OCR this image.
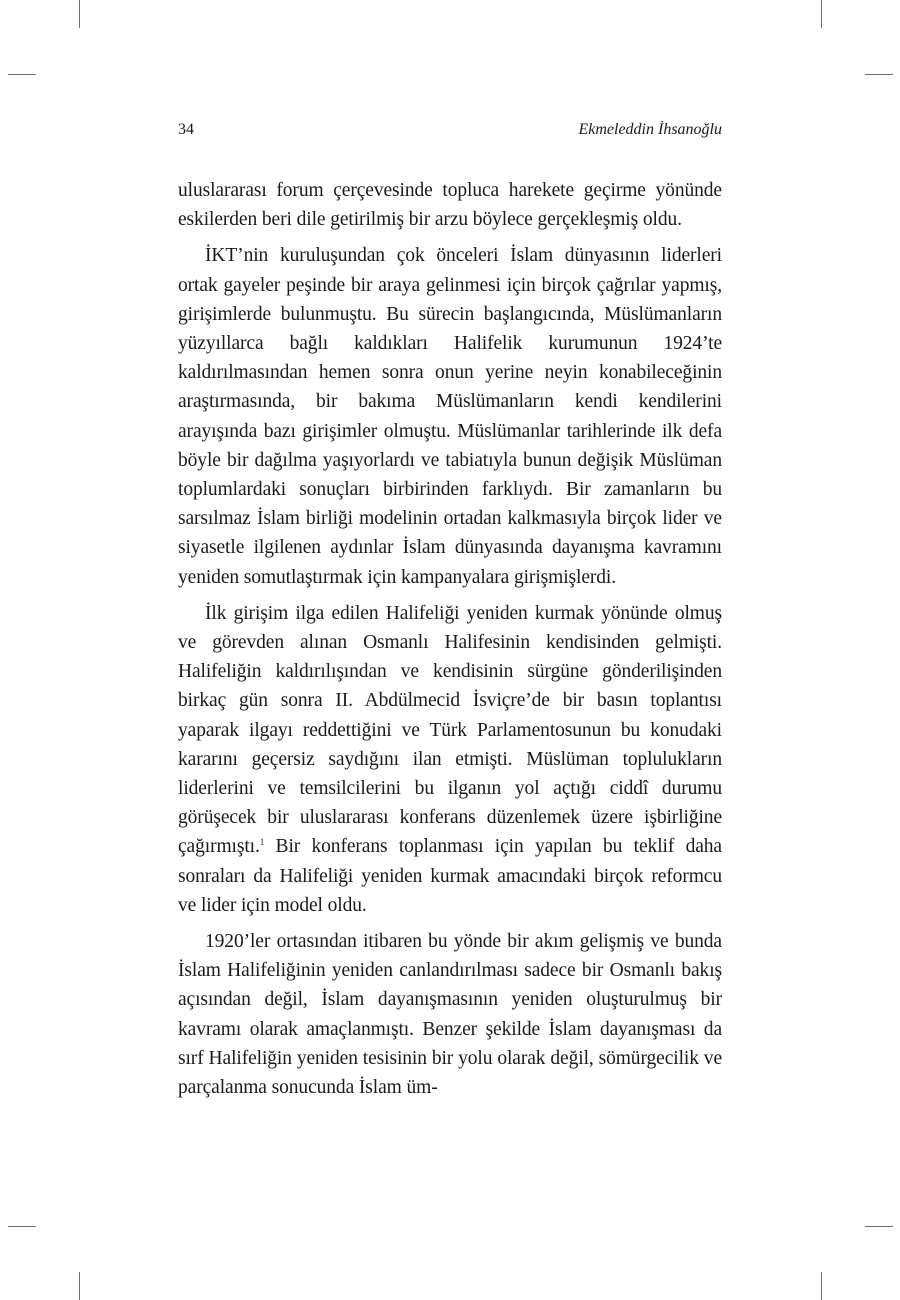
34	Ekmeleddin İhsanoğlu

uluslararası forum çerçevesinde topluca harekete geçirme yönünde eskilerden beri dile getirilmiş bir arzu böylece gerçekleşmiş oldu.

İKT’nin kuruluşundan çok önceleri İslam dünyasının liderleri ortak gayeler peşinde bir araya gelinmesi için birçok çağrılar yapmış, girişimlerde bulunmuştu. Bu sürecin başlangıcında, Müslümanların yüzyıllarca bağlı kaldıkları Halifelik kurumunun 1924’te kaldırılmasından hemen sonra onun yerine neyin konabileceğinin araştırmasında, bir bakıma Müslümanların kendi kendilerini arayışında bazı girişimler olmuştu. Müslümanlar tarihlerinde ilk defa böyle bir dağılma yaşıyorlardı ve tabiatıyla bunun değişik Müslüman toplumlardaki sonuçları birbirinden farklıydı. Bir zamanların bu sarsılmaz İslam birliği modelinin ortadan kalkmasıyla birçok lider ve siyasetle ilgilenen aydınlar İslam dünyasında dayanışma kavramını yeniden somutlaştırmak için kampanyalara girişmişlerdi.

İlk girişim ilga edilen Halifeliği yeniden kurmak yönünde olmuş ve görevden alınan Osmanlı Halifesinin kendisinden gelmişti. Halifeliğin kaldırılışından ve kendisinin sürgüne gönderilişinden birkaç gün sonra II. Abdülmecid İsviçre’de bir basın toplantısı yaparak ilgayı reddettiğini ve Türk Parlamentosunun bu konudaki kararını geçersiz saydığını ilan etmişti. Müslüman toplulukların liderlerini ve temsilcilerini bu ilganın yol açtığı ciddî durumu görüşecek bir uluslararası konferans düzenlemek üzere işbirliğine çağırmıştı.$^1$ Bir konferans toplanması için yapılan bu teklif daha sonraları da Halifeliği yeniden kurmak amacındaki birçok reformcu ve lider için model oldu.

1920’ler ortasından itibaren bu yönde bir akım gelişmiş ve bunda İslam Halifeliğinin yeniden canlandırılması sadece bir Osmanlı bakış açısından değil, İslam dayanışmasının yeniden oluşturulmuş bir kavramı olarak amaçlanmıştı. Benzer şekilde İslam dayanışması da sırf Halifeliğin yeniden tesisinin bir yolu olarak değil, sömürgecilik ve parçalanma sonucunda İslam üm-
